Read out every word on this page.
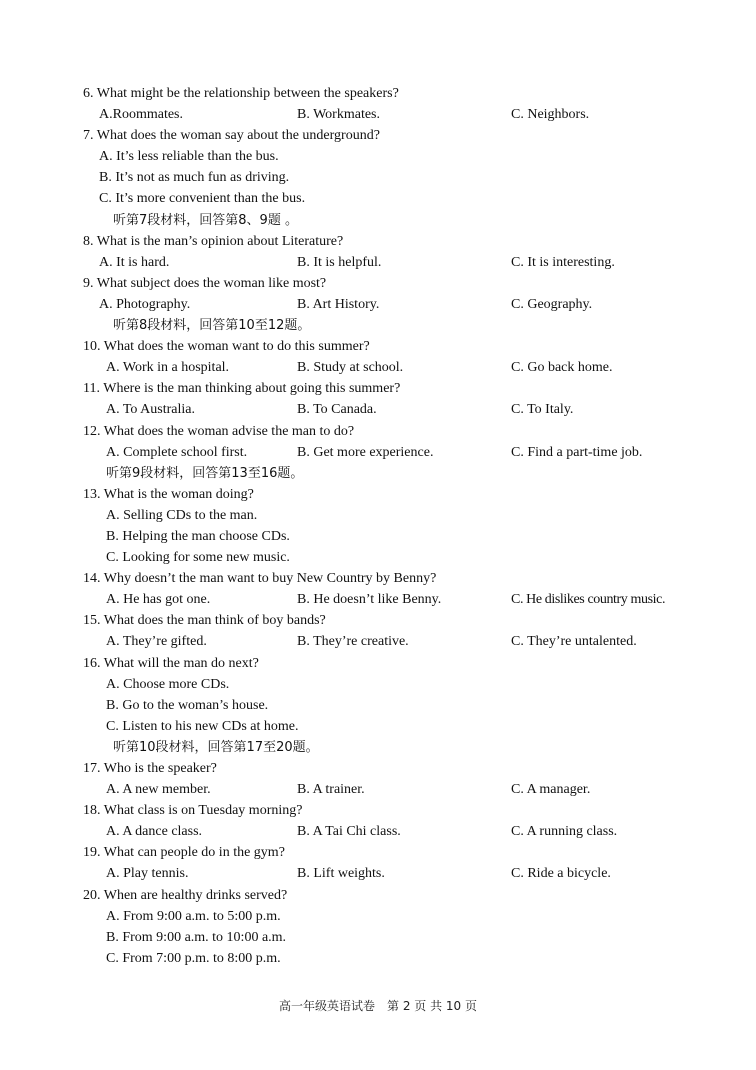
6. What might be the relationship between the speakers?
A.Roommates.	B. Workmates.	C. Neighbors.
7. What does the woman say about the underground?
A. It’s less reliable than the bus.
B. It’s not as much fun as driving.
C. It’s more convenient than the bus.
听第7段材料，回答第8、9题 。
8. What is the man’s opinion about Literature?
A. It is hard.	B. It is helpful.	C. It is interesting.
9. What subject does the woman like most?
A. Photography.	B. Art History.	C. Geography.
听第8段材料，回答第10至12题。
10. What does the woman want to do this summer?
A. Work in a hospital.	B. Study at school.	C. Go back home.
11. Where is the man thinking about going this summer?
A. To Australia.	B. To Canada.	C. To Italy.
12. What does the woman advise the man to do?
A. Complete school first.	B. Get more experience.	C. Find a part-time job.
听第9段材料，回答第13至16题。
13. What is the woman doing?
A. Selling CDs to the man.
B. Helping the man choose CDs.
C. Looking for some new music.
14. Why doesn’t the man want to buy New Country by Benny?
A. He has got one.	B. He doesn’t like Benny.	C. He dislikes country music.
15. What does the man think of boy bands?
A. They’re gifted.	B. They’re creative.	C. They’re untalented.
16. What will the man do next?
A. Choose more CDs.
B. Go to the woman’s house.
C. Listen to his new CDs at home.
听第10段材料，回答第17至20题。
17. Who is the speaker?
A. A new member.	B. A trainer.	C. A manager.
18. What class is on Tuesday morning?
A. A dance class.	B. A Tai Chi class.	C. A running class.
19. What can people do in the gym?
A. Play tennis.	B. Lift weights.	C. Ride a bicycle.
20. When are healthy drinks served?
A. From 9:00 a.m. to 5:00 p.m.
B. From 9:00 a.m. to 10:00 a.m.
C. From 7:00 p.m. to 8:00 p.m.
高一年级英语试卷　第 2 页 共 10 页
